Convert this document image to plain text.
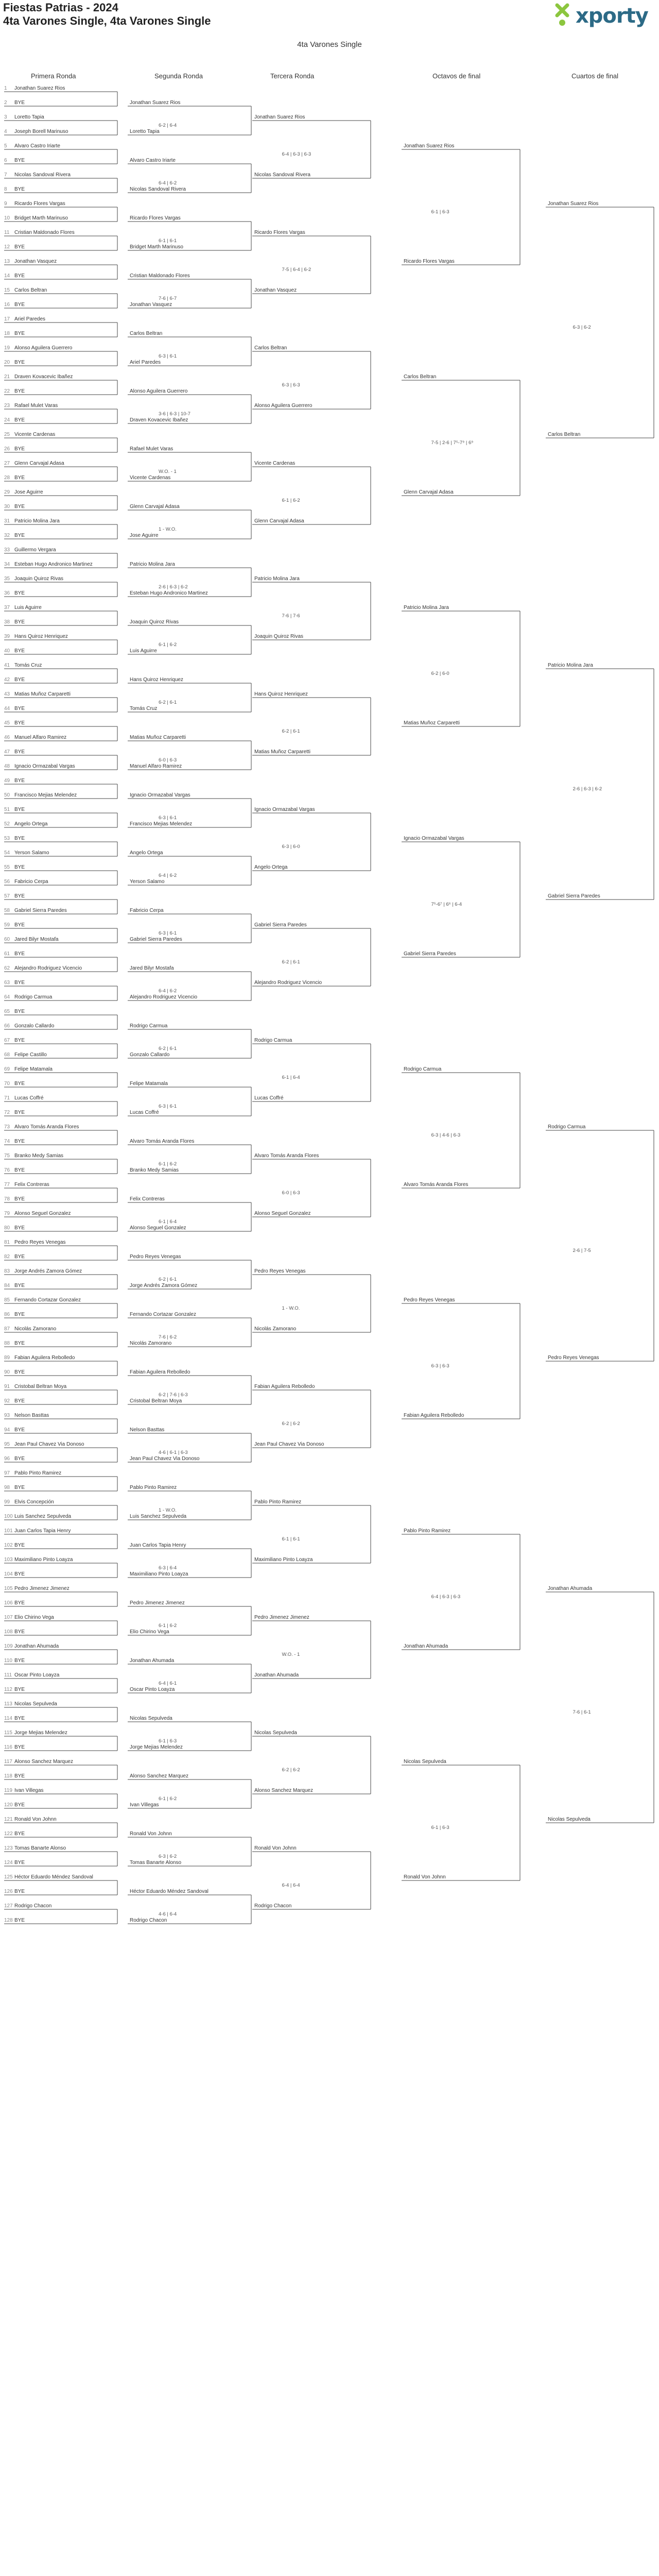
Fiestas Patrias - 2024
4ta Varones Single, 4ta Varones Single	xporty
4ta Varones Single
Primera Ronda	Segunda Ronda	Tercera Ronda	Octavos de final	Cuartos de final
1 Jonathan Suarez Rios
2 BYE
3 Loretto Tapia
4 Joseph Borell Marinuso
5 Alvaro Castro Iriarte
6 BYE
7 Nicolas Sandoval Rivera
8 BYE
9 Ricardo Flores Vargas
10 Bridget Marth Marinuso
11 Cristian Maldonado Flores
12 BYE
13 Jonathan Vasquez
14 BYE
15 Carlos Beltran
16 BYE
17 Ariel Paredes
18 BYE
19 Alonso Aguilera Guerrero
20 BYE
21 Draven Kovacevic Ibañez
22 BYE
23 Rafael Mulet Varas
24 BYE
25 Vicente Cardenas
26 BYE
27 Glenn Carvajal Adasa
28 BYE
29 Jose Aguirre
30 BYE
31 Patricio Molina Jara
32 BYE
33 Guillermo Vergara
34 Esteban Hugo Andronico Martinez
35 Joaquin Quiroz Rivas
36 BYE
37 Luis Aguirre
38 BYE
39 Hans Quiroz Henriquez
40 BYE
41 Tomás Cruz
42 BYE
43 Matias Muñoz Carparetti
44 BYE
45 BYE
46 Manuel Alfaro Ramirez
47 BYE
48 Ignacio Ormazabal Vargas
49 BYE
50 Francisco Mejias Melendez
51 BYE
52 Angelo Ortega
53 BYE
54 Yerson Salamo
55 BYE
56 Fabricio Cerpa
57 BYE
58 Gabriel Sierra Paredes
59 BYE
60 Jared Bilyr Mostafa
61 BYE
62 Alejandro Rodriguez Vicencio
63 BYE
64 Rodrigo Carmua
65 BYE
66 Gonzalo Callardo
67 BYE
68 Felipe Castillo
69 Felipe Matamala
70 BYE
71 Lucas Coffré
72 BYE
73 Alvaro Tomás Aranda Flores
74 BYE
75 Branko Medy Samias
76 BYE
77 Felix Contreras
78 BYE
79 Alonso Seguel Gonzalez
80 BYE
81 Pedro Reyes Venegas
82 BYE
83 Jorge Andrés Zamora Gómez
84 BYE
85 Fernando Cortazar Gonzalez
86 BYE
87 Nicolás Zamorano
88 BYE
89 Fabian Aguilera Rebolledo
90 BYE
91 Cristobal Beltran Moya
92 BYE
93 Nelson Basttas
94 BYE
95 Jean Paul Chavez Via Donoso
96 BYE
97 Pablo Pinto Ramirez
98 BYE
99 Elvis Concepción
100 Luis Sanchez Sepulveda
101 Juan Carlos Tapia Henry
102 BYE
103 Maximiliano Pinto Loayza
104 BYE
105 Pedro Jimenez Jimenez
106 BYE
107 Elio Chirino Vega
108 BYE
109 Jonathan Ahumada
110 BYE
111 Oscar Pinto Loayza
112 BYE
113 Nicolas Sepulveda
114 BYE
115 Jorge Mejias Melendez
116 BYE
117 Alonso Sanchez Marquez
118 BYE
119 Ivan Villegas
120 BYE
121 Ronald Von Johnn
122 BYE
123 Tomas Banarte Alonso
124 BYE
125 Héctor Eduardo Méndez Sandoval
126 BYE
127 Rodrigo Chacon
128 BYE
Jonathan Suarez Rios
Loretto Tapia
6-2 | 6-4
Alvaro Castro Iriarte
Nicolas Sandoval Rivera
6-4 | 6-2
Ricardo Flores Vargas
Bridget Marth Marinuso
6-1 | 6-1
Cristian Maldonado Flores
Jonathan Vasquez
7-6 | 6-7
Carlos Beltran
Ariel Paredes
6-3 | 6-1
Alonso Aguilera Guerrero
Draven Kovacevic Ibañez
3-6 | 6-3 | 10-7
Rafael Mulet Varas
Vicente Cardenas
W.O. - 1
Glenn Carvajal Adasa
Jose Aguirre
1 - W.O.
Patricio Molina Jara
Esteban Hugo Andronico Martinez
2-6 | 6-3 | 6-2
Joaquin Quiroz Rivas
Luis Aguirre
6-1 | 6-2
Hans Quiroz Henriquez
Tomás Cruz
6-2 | 6-1
Matias Muñoz Carparetti
Manuel Alfaro Ramirez
6-0 | 6-3
Ignacio Ormazabal Vargas
Francisco Mejias Melendez
6-3 | 6-1
Angelo Ortega
Yerson Salamo
6-4 | 6-2
Fabricio Cerpa
Gabriel Sierra Paredes
6-3 | 6-1
Jared Bilyr Mostafa
Alejandro Rodriguez Vicencio
6-4 | 6-2
Rodrigo Carmua
Gonzalo Callardo
6-2 | 6-1
Felipe Matamala
Lucas Coffré
6-3 | 6-1
Alvaro Tomás Aranda Flores
Branko Medy Samias
6-1 | 6-2
Felix Contreras
Alonso Seguel Gonzalez
6-1 | 6-4
Pedro Reyes Venegas
Jorge Andrés Zamora Gómez
6-2 | 6-1
Fernando Cortazar Gonzalez
Nicolás Zamorano
7-6 | 6-2
Fabian Aguilera Rebolledo
Cristobal Beltran Moya
6-2 | 7-6 | 6-3
Nelson Basttas
Jean Paul Chavez Via Donoso
4-6 | 6-1 | 6-3
Pablo Pinto Ramirez
Luis Sanchez Sepulveda
1 - W.O.
Juan Carlos Tapia Henry
Maximiliano Pinto Loayza
6-3 | 6-4
Pedro Jimenez Jimenez
Elio Chirino Vega
6-1 | 6-2
Jonathan Ahumada
Oscar Pinto Loayza
6-4 | 6-1
Nicolas Sepulveda
Jorge Mejias Melendez
6-1 | 6-3
Alonso Sanchez Marquez
Ivan Villegas
6-1 | 6-2
Ronald Von Johnn
Tomas Banarte Alonso
6-3 | 6-2
Héctor Eduardo Méndez Sandoval
Rodrigo Chacon
4-6 | 6-4
Jonathan Suarez Rios
Nicolas Sandoval Rivera
Ricardo Flores Vargas
Jonathan Vasquez
Carlos Beltran
Alonso Aguilera Guerrero
Vicente Cardenas
Glenn Carvajal Adasa
Patricio Molina Jara
Joaquin Quiroz Rivas
Hans Quiroz Henriquez
Matias Muñoz Carparetti
Ignacio Ormazabal Vargas
Angelo Ortega
Gabriel Sierra Paredes
Alejandro Rodriguez Vicencio
Rodrigo Carmua
Lucas Coffré
Alvaro Tomás Aranda Flores
Alonso Seguel Gonzalez
Pedro Reyes Venegas
Nicolás Zamorano
Fabian Aguilera Rebolledo
Jean Paul Chavez Via Donoso
Pablo Pinto Ramirez
Maximiliano Pinto Loayza
Pedro Jimenez Jimenez
Jonathan Ahumada
Nicolas Sepulveda
Alonso Sanchez Marquez
Ronald Von Johnn
Rodrigo Chacon
6-4 | 6-3 | 6-3
7-5 | 6-4 | 6-2
6-3 | 6-3
6-1 | 6-2
7-6 | 7-6
6-2 | 6-1
6-3 | 6-0
6-2 | 6-1
6-1 | 6-4
6-0 | 6-3
1 - W.O.
6-2 | 6-2
6-1 | 6-1
W.O. - 1
6-2 | 6-2
6-4 | 6-4
Jonathan Suarez Rios
Ricardo Flores Vargas
Carlos Beltran
Glenn Carvajal Adasa
Patricio Molina Jara
Matias Muñoz Carparetti
Ignacio Ormazabal Vargas
Gabriel Sierra Paredes
Rodrigo Carmua
Alvaro Tomás Aranda Flores
Pedro Reyes Venegas
Fabian Aguilera Rebolledo
Pablo Pinto Ramirez
Jonathan Ahumada
Nicolas Sepulveda
Ronald Von Johnn
6-1 | 6-3
7-5 | 2-6 | 7⁵-7⁹ | 6⁹
6-2 | 6-0
7⁵-6⁷ | 6⁶ | 6-4
6-3 | 4-6 | 6-3
6-3 | 6-3
6-4 | 6-3 | 6-3
6-1 | 6-3
Jonathan Suarez Rios
Carlos Beltran
Patricio Molina Jara
Gabriel Sierra Paredes
Rodrigo Carmua
Pedro Reyes Venegas
Jonathan Ahumada
Nicolas Sepulveda
6-3 | 6-2
2-6 | 6-3 | 6-2
2-6 | 7-5
7-6 | 6-1
